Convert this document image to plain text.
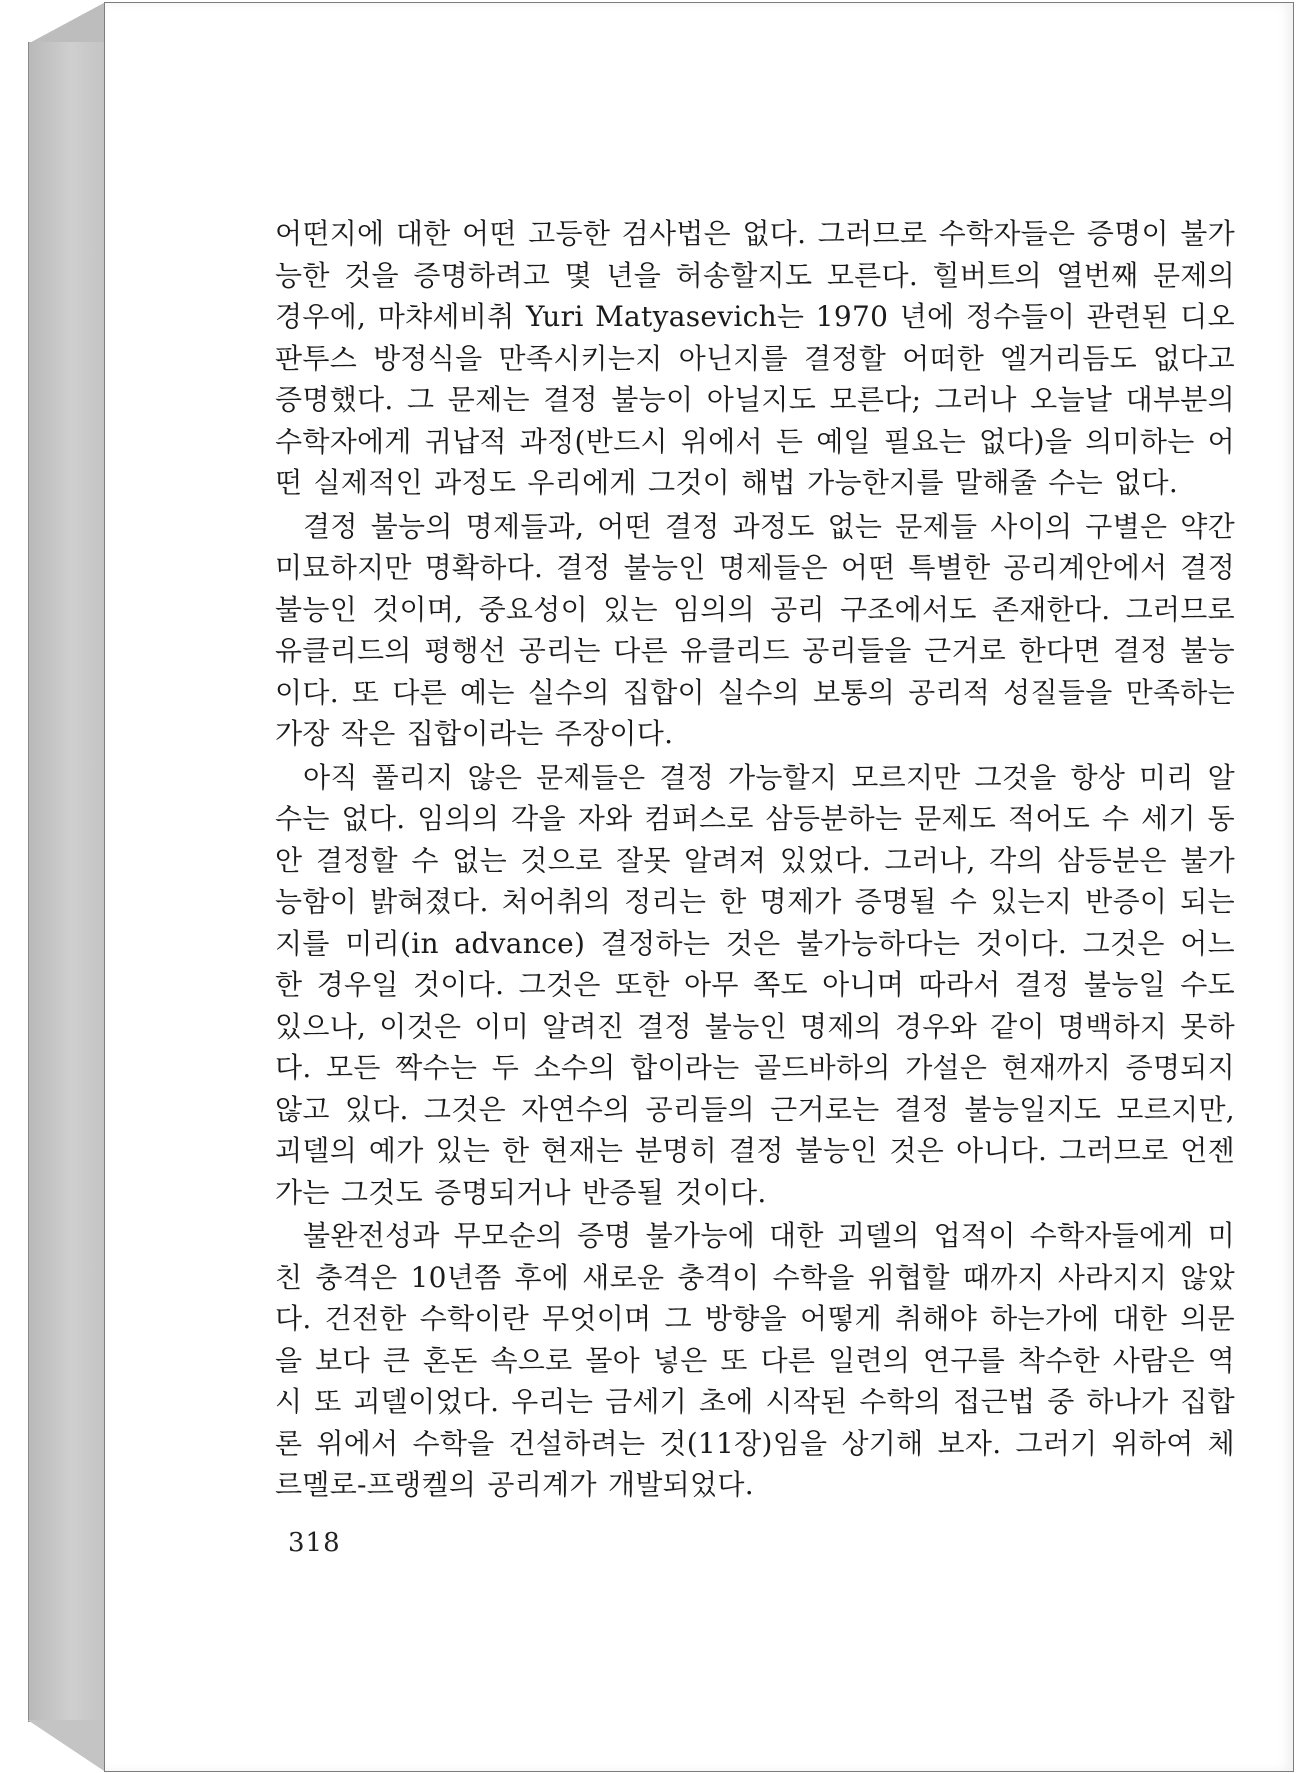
어떤지에 대한 어떤 고등한 검사법은 없다. 그러므로 수학자들은 증명이 불가능한 것을 증명하려고 몇 년을 허송할지도 모른다. 힐버트의 열번째 문제의 경우에, 마챠세비취 Yuri Matyasevich는 1970 년에 정수들이 관련된 디오판투스 방정식을 만족시키는지 아닌지를 결정할 어떠한 엘거리듬도 없다고 증명했다. 그 문제는 결정 불능이 아닐지도 모른다; 그러나 오늘날 대부분의 수학자에게 귀납적 과정(반드시 위에서 든 예일 필요는 없다)을 의미하는 어떤 실제적인 과정도 우리에게 그것이 해법 가능한지를 말해줄 수는 없다.

결정 불능의 명제들과, 어떤 결정 과정도 없는 문제들 사이의 구별은 약간 미묘하지만 명확하다. 결정 불능인 명제들은 어떤 특별한 공리계안에서 결정 불능인 것이며, 중요성이 있는 임의의 공리 구조에서도 존재한다. 그러므로 유클리드의 평행선 공리는 다른 유클리드 공리들을 근거로 한다면 결정 불능이다. 또 다른 예는 실수의 집합이 실수의 보통의 공리적 성질들을 만족하는 가장 작은 집합이라는 주장이다.

아직 풀리지 않은 문제들은 결정 가능할지 모르지만 그것을 항상 미리 알 수는 없다. 임의의 각을 자와 컴퍼스로 삼등분하는 문제도 적어도 수 세기 동안 결정할 수 없는 것으로 잘못 알려져 있었다. 그러나, 각의 삼등분은 불가능함이 밝혀졌다. 처어취의 정리는 한 명제가 증명될 수 있는지 반증이 되는지를 미리(in advance) 결정하는 것은 불가능하다는 것이다. 그것은 어느 한 경우일 것이다. 그것은 또한 아무 쪽도 아니며 따라서 결정 불능일 수도 있으나, 이것은 이미 알려진 결정 불능인 명제의 경우와 같이 명백하지 못하다. 모든 짝수는 두 소수의 합이라는 골드바하의 가설은 현재까지 증명되지 않고 있다. 그것은 자연수의 공리들의 근거로는 결정 불능일지도 모르지만, 괴델의 예가 있는 한 현재는 분명히 결정 불능인 것은 아니다. 그러므로 언젠가는 그것도 증명되거나 반증될 것이다.

불완전성과 무모순의 증명 불가능에 대한 괴델의 업적이 수학자들에게 미친 충격은 10년쯤 후에 새로운 충격이 수학을 위협할 때까지 사라지지 않았다. 건전한 수학이란 무엇이며 그 방향을 어떻게 취해야 하는가에 대한 의문을 보다 큰 혼돈 속으로 몰아 넣은 또 다른 일련의 연구를 착수한 사람은 역시 또 괴델이었다. 우리는 금세기 초에 시작된 수학의 접근법 중 하나가 집합론 위에서 수학을 건설하려는 것(11장)임을 상기해 보자. 그러기 위하여 체르멜로-프랭켈의 공리계가 개발되었다.

318
